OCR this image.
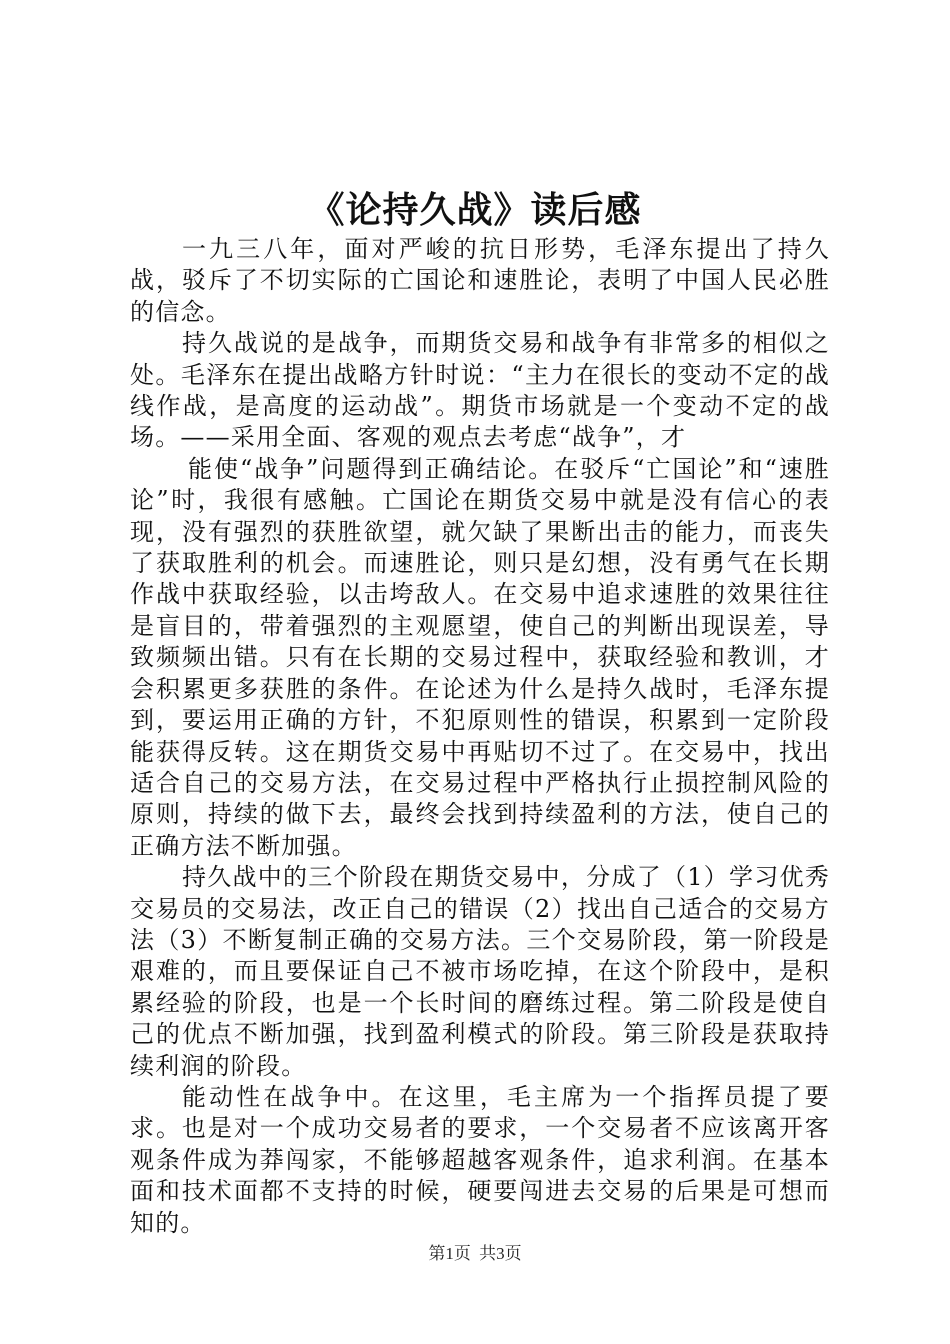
《论持久战》读后感

一九三八年，面对严峻的抗日形势，毛泽东提出了持久战，驳斥了不切实际的亡国论和速胜论，表明了中国人民必胜的信念。

持久战说的是战争，而期货交易和战争有非常多的相似之处。毛泽东在提出战略方针时说：“主力在很长的变动不定的战线作战，是高度的运动战”。期货市场就是一个变动不定的战场。——采用全面、客观的观点去考虑“战争”，才

能使“战争”问题得到正确结论。在驳斥“亡国论”和“速胜论”时，我很有感触。亡国论在期货交易中就是没有信心的表现，没有强烈的获胜欲望，就欠缺了果断出击的能力，而丧失了获取胜利的机会。而速胜论，则只是幻想，没有勇气在长期作战中获取经验，以击垮敌人。在交易中追求速胜的效果往往是盲目的，带着强烈的主观愿望，使自己的判断出现误差，导致频频出错。只有在长期的交易过程中，获取经验和教训，才会积累更多获胜的条件。在论述为什么是持久战时，毛泽东提到，要运用正确的方针，不犯原则性的错误，积累到一定阶段能获得反转。这在期货交易中再贴切不过了。在交易中，找出适合自己的交易方法，在交易过程中严格执行止损控制风险的原则，持续的做下去，最终会找到持续盈利的方法，使自己的正确方法不断加强。

持久战中的三个阶段在期货交易中，分成了（1）学习优秀交易员的交易法，改正自己的错误（2）找出自己适合的交易方法（3）不断复制正确的交易方法。三个交易阶段，第一阶段是艰难的，而且要保证自己不被市场吃掉，在这个阶段中，是积累经验的阶段，也是一个长时间的磨练过程。第二阶段是使自己的优点不断加强，找到盈利模式的阶段。第三阶段是获取持续利润的阶段。

能动性在战争中。在这里，毛主席为一个指挥员提了要求。也是对一个成功交易者的要求，一个交易者不应该离开客观条件成为莽闯家，不能够超越客观条件，追求利润。在基本面和技术面都不支持的时候，硬要闯进去交易的后果是可想而知的。

第1页 共3页
